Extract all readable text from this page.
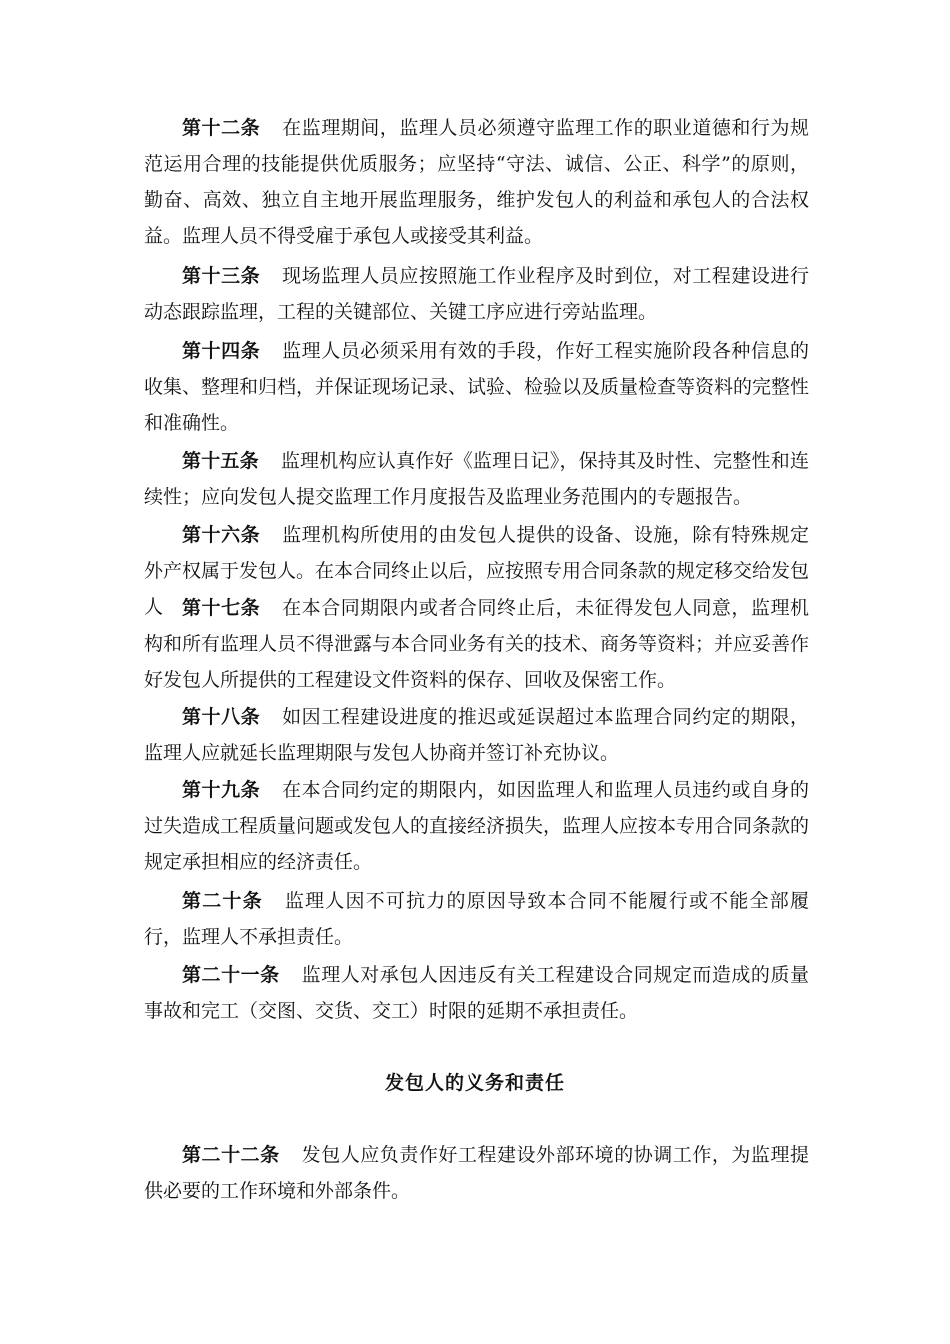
第十二条 在监理期间，监理人员必须遵守监理工作的职业道德和行为规范运用合理的技能提供优质服务；应坚持“守法、诚信、公正、科学”的原则，勤奋、高效、独立自主地开展监理服务，维护发包人的利益和承包人的合法权益。监理人员不得受雇于承包人或接受其利益。

第十三条 现场监理人员应按照施工作业程序及时到位，对工程建设进行动态跟踪监理，工程的关键部位、关键工序应进行旁站监理。

第十四条 监理人员必须采用有效的手段，作好工程实施阶段各种信息的收集、整理和归档，并保证现场记录、试验、检验以及质量检查等资料的完整性和准确性。

第十五条 监理机构应认真作好《监理日记》，保持其及时性、完整性和连续性；应向发包人提交监理工作月度报告及监理业务范围内的专题报告。

第十六条 监理机构所使用的由发包人提供的设备、设施，除有特殊规定外产权属于发包人。在本合同终止以后，应按照专用合同条款的规定移交给发包人 第十七条 在本合同期限内或者合同终止后，未征得发包人同意，监理机构和所有监理人员不得泄露与本合同业务有关的技术、商务等资料；并应妥善作好发包人所提供的工程建设文件资料的保存、回收及保密工作。

第十八条 如因工程建设进度的推迟或延误超过本监理合同约定的期限，监理人应就延长监理期限与发包人协商并签订补充协议。

第十九条 在本合同约定的期限内，如因监理人和监理人员违约或自身的过失造成工程质量问题或发包人的直接经济损失，监理人应按本专用合同条款的规定承担相应的经济责任。

第二十条 监理人因不可抗力的原因导致本合同不能履行或不能全部履行，监理人不承担责任。

第二十一条 监理人对承包人因违反有关工程建设合同规定而造成的质量事故和完工（交图、交货、交工）时限的延期不承担责任。

发包人的义务和责任

第二十二条 发包人应负责作好工程建设外部环境的协调工作，为监理提供必要的工作环境和外部条件。
